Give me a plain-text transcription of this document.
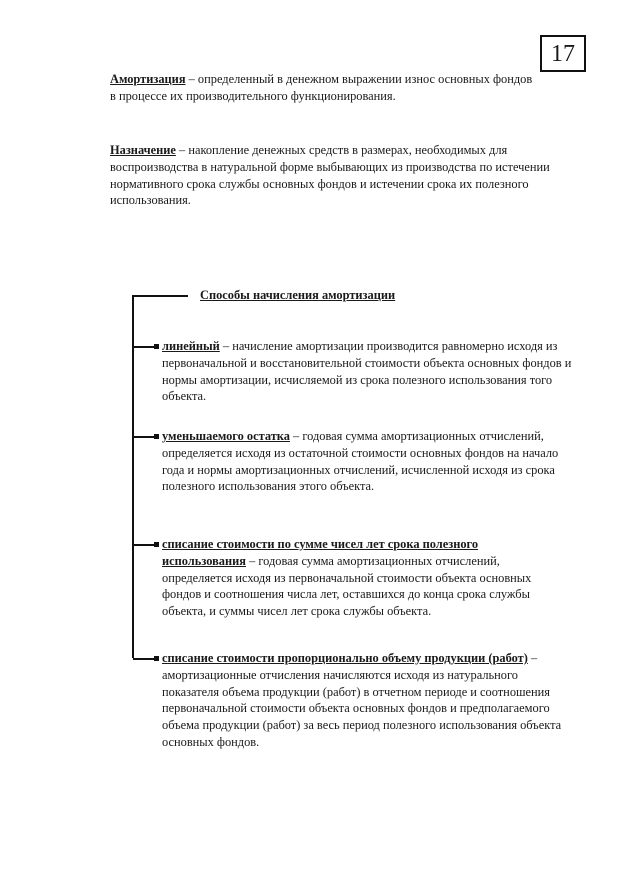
17
Амортизация – определенный в денежном выражении износ основных фондов в процессе их производительного функционирования.
Назначение – накопление денежных средств в размерах, необходимых для воспроизводства в натуральной форме выбывающих из производства по истечении нормативного срока службы основных фондов и истечении срока их полезного использования.
Способы начисления амортизации
линейный – начисление амортизации производится равномерно исходя из первоначальной и восстановительной стоимости объекта основных фондов и нормы амортизации, исчисляемой из срока полезного использования того объекта.
уменьшаемого остатка – годовая сумма амортизационных отчислений, определяется исходя из остаточной стоимости основных фондов на начало года и нормы амортизационных отчислений, исчисленной исходя из срока полезного использования этого объекта.
списание стоимости по сумме чисел лет срока полезного использования – годовая сумма амортизационных отчислений, определяется исходя из первоначальной стоимости объекта основных фондов и соотношения числа лет, оставшихся до конца срока службы объекта, и суммы чисел лет срока службы объекта.
списание стоимости пропорционально объему продукции (работ) – амортизационные отчисления начисляются исходя из натурального показателя объема продукции (работ) в отчетном периоде и соотношения первоначальной стоимости объекта основных фондов и предполагаемого объема продукции (работ) за весь период полезного использования объекта основных фондов.
